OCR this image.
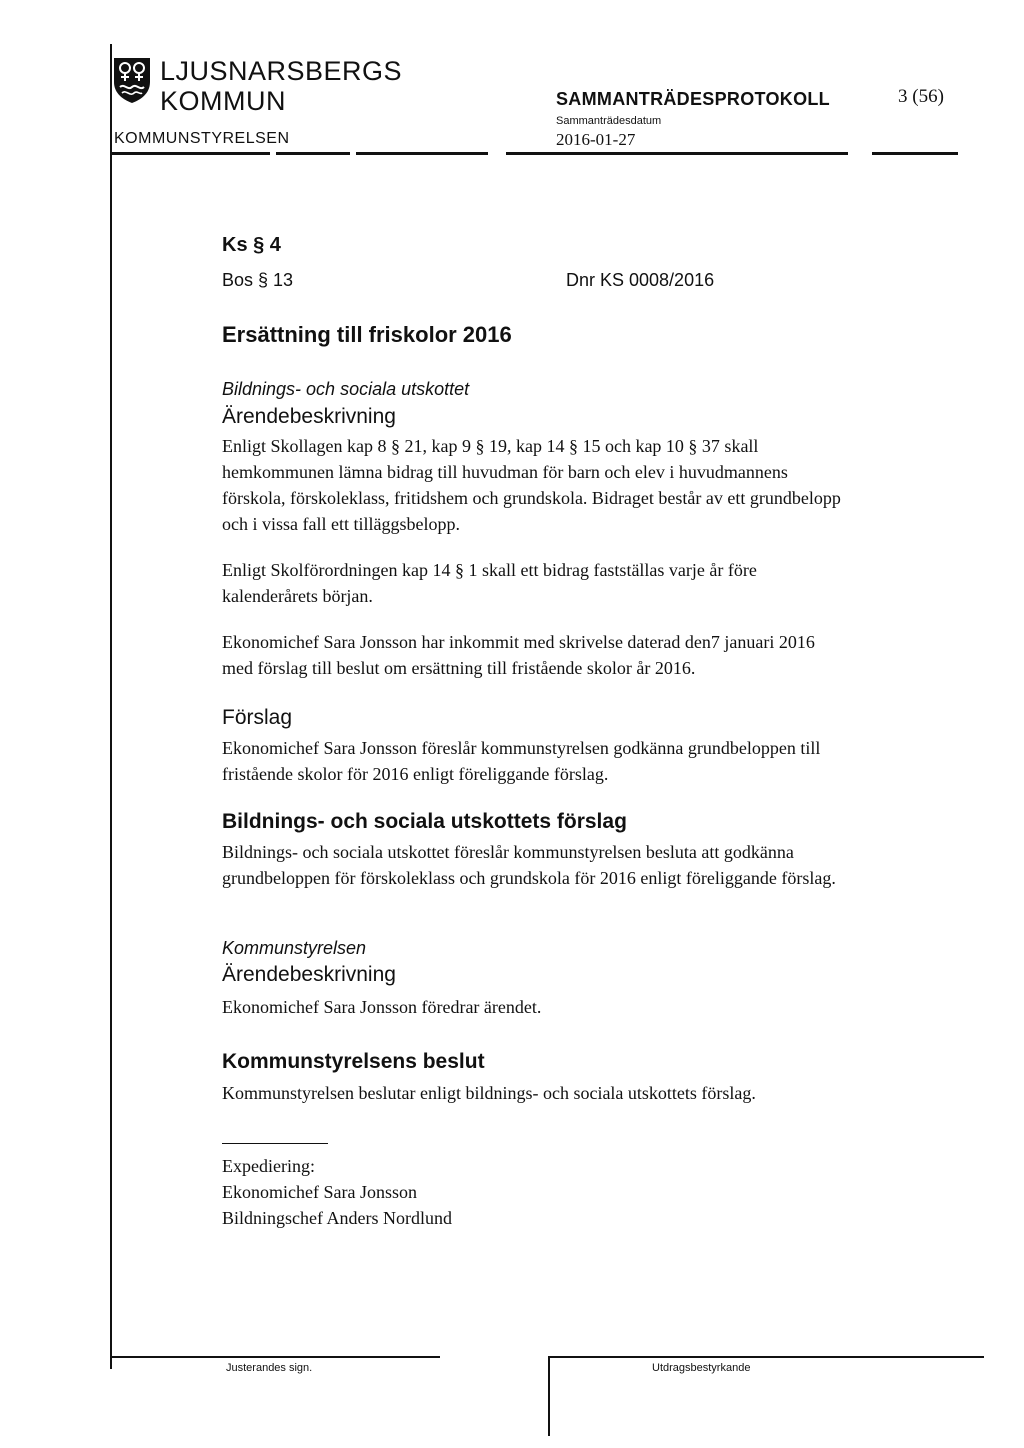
LJUSNARSBERGS
KOMMUN
KOMMUNSTYRELSEN
SAMMANTRÄDESPROTOKOLL
Sammanträdesdatum
2016-01-27
3 (56)
Ks § 4
Bos § 13	Dnr KS 0008/2016
Ersättning till friskolor 2016
Bildnings- och sociala utskottet
Ärendebeskrivning
Enligt Skollagen kap 8 § 21, kap 9 § 19, kap 14 § 15 och kap 10 § 37 skall
hemkommunen lämna bidrag till huvudman för barn och elev i huvudmannens
förskola, förskoleklass, fritidshem och grundskola. Bidraget består av ett grundbelopp
och i vissa fall ett tilläggsbelopp.
Enligt Skolförordningen kap 14 § 1 skall ett bidrag fastställas varje år före
kalenderårets början.
Ekonomichef Sara Jonsson har inkommit med skrivelse daterad den7 januari 2016
med förslag till beslut om ersättning till fristående skolor år 2016.
Förslag
Ekonomichef Sara Jonsson föreslår kommunstyrelsen godkänna grundbeloppen till
fristående skolor för 2016 enligt föreliggande förslag.
Bildnings- och sociala utskottets förslag
Bildnings- och sociala utskottet föreslår kommunstyrelsen besluta att godkänna
grundbeloppen för förskoleklass och grundskola för 2016 enligt föreliggande förslag.
Kommunstyrelsen
Ärendebeskrivning
Ekonomichef Sara Jonsson föredrar ärendet.
Kommunstyrelsens beslut
Kommunstyrelsen beslutar enligt bildnings- och sociala utskottets förslag.
Expediering:
Ekonomichef Sara Jonsson
Bildningschef Anders Nordlund
Justerandes sign.	Utdragsbestyrkande
